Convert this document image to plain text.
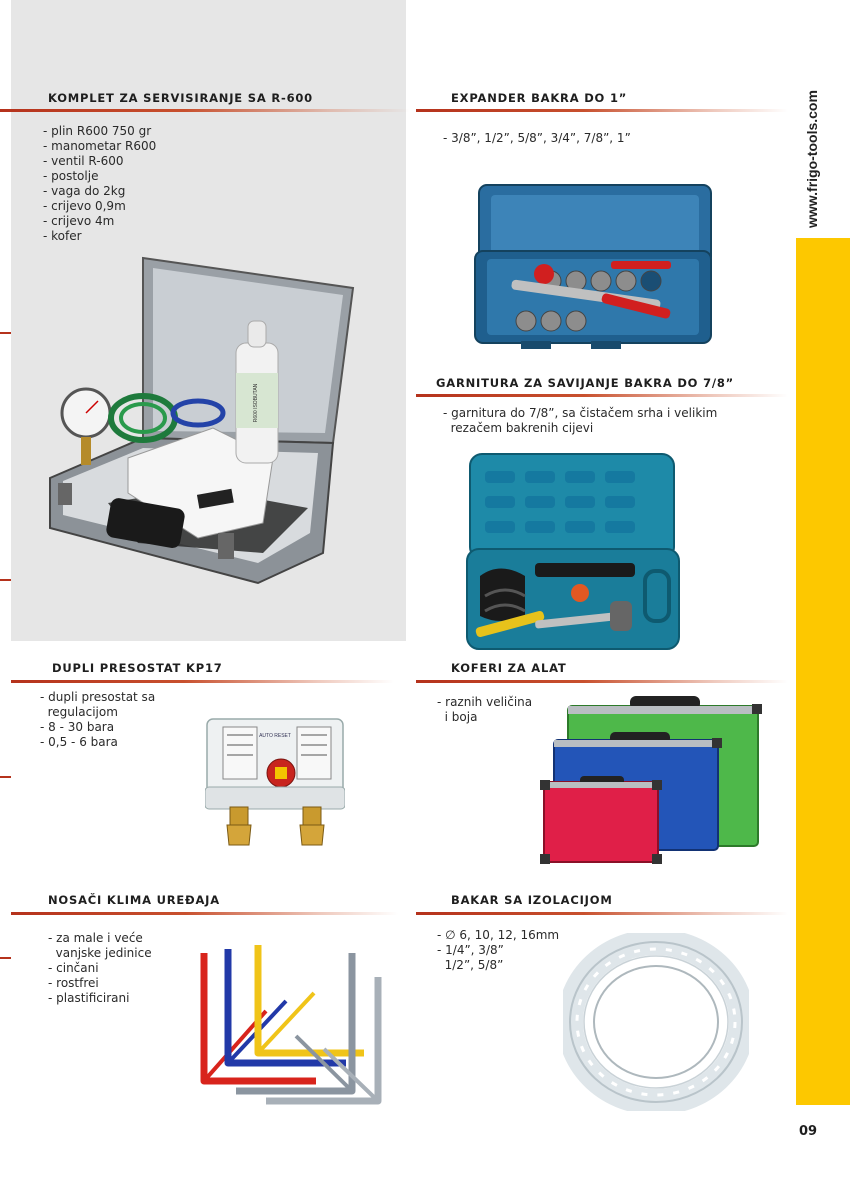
www.frigo-tools.com
KOMPLET ZA SERVISIRANJE SA R-600
- plin R600 750 gr
- manometar R600
- ventil R-600
- postolje
- vaga do 2kg
- crijevo 0,9m
- crijevo 4m
- kofer
R600 ISOBUTAN
EXPANDER BAKRA DO 1”
- 3/8”, 1/2”, 5/8”, 3/4”, 7/8”, 1”
GARNITURA ZA SAVIJANJE BAKRA DO 7/8”
- garnitura do 7/8”, sa čistačem srha i velikim
rezačem bakrenih cijevi
DUPLI PRESOSTAT KP17
- dupli presostat sa
regulacijom
- 8 - 30 bara
- 0,5 - 6 bara	AUTO RESET
KOFERI ZA ALAT
- raznih veličina
i boja
NOSAČI KLIMA UREĐAJA
- za male i veće
vanjske jedinice
- cinčani
- rostfrei
- plastificirani
BAKAR SA IZOLACIJOM
- ∅ 6, 10, 12, 16mm
- 1/4”, 3/8”
1/2”, 5/8”
09
